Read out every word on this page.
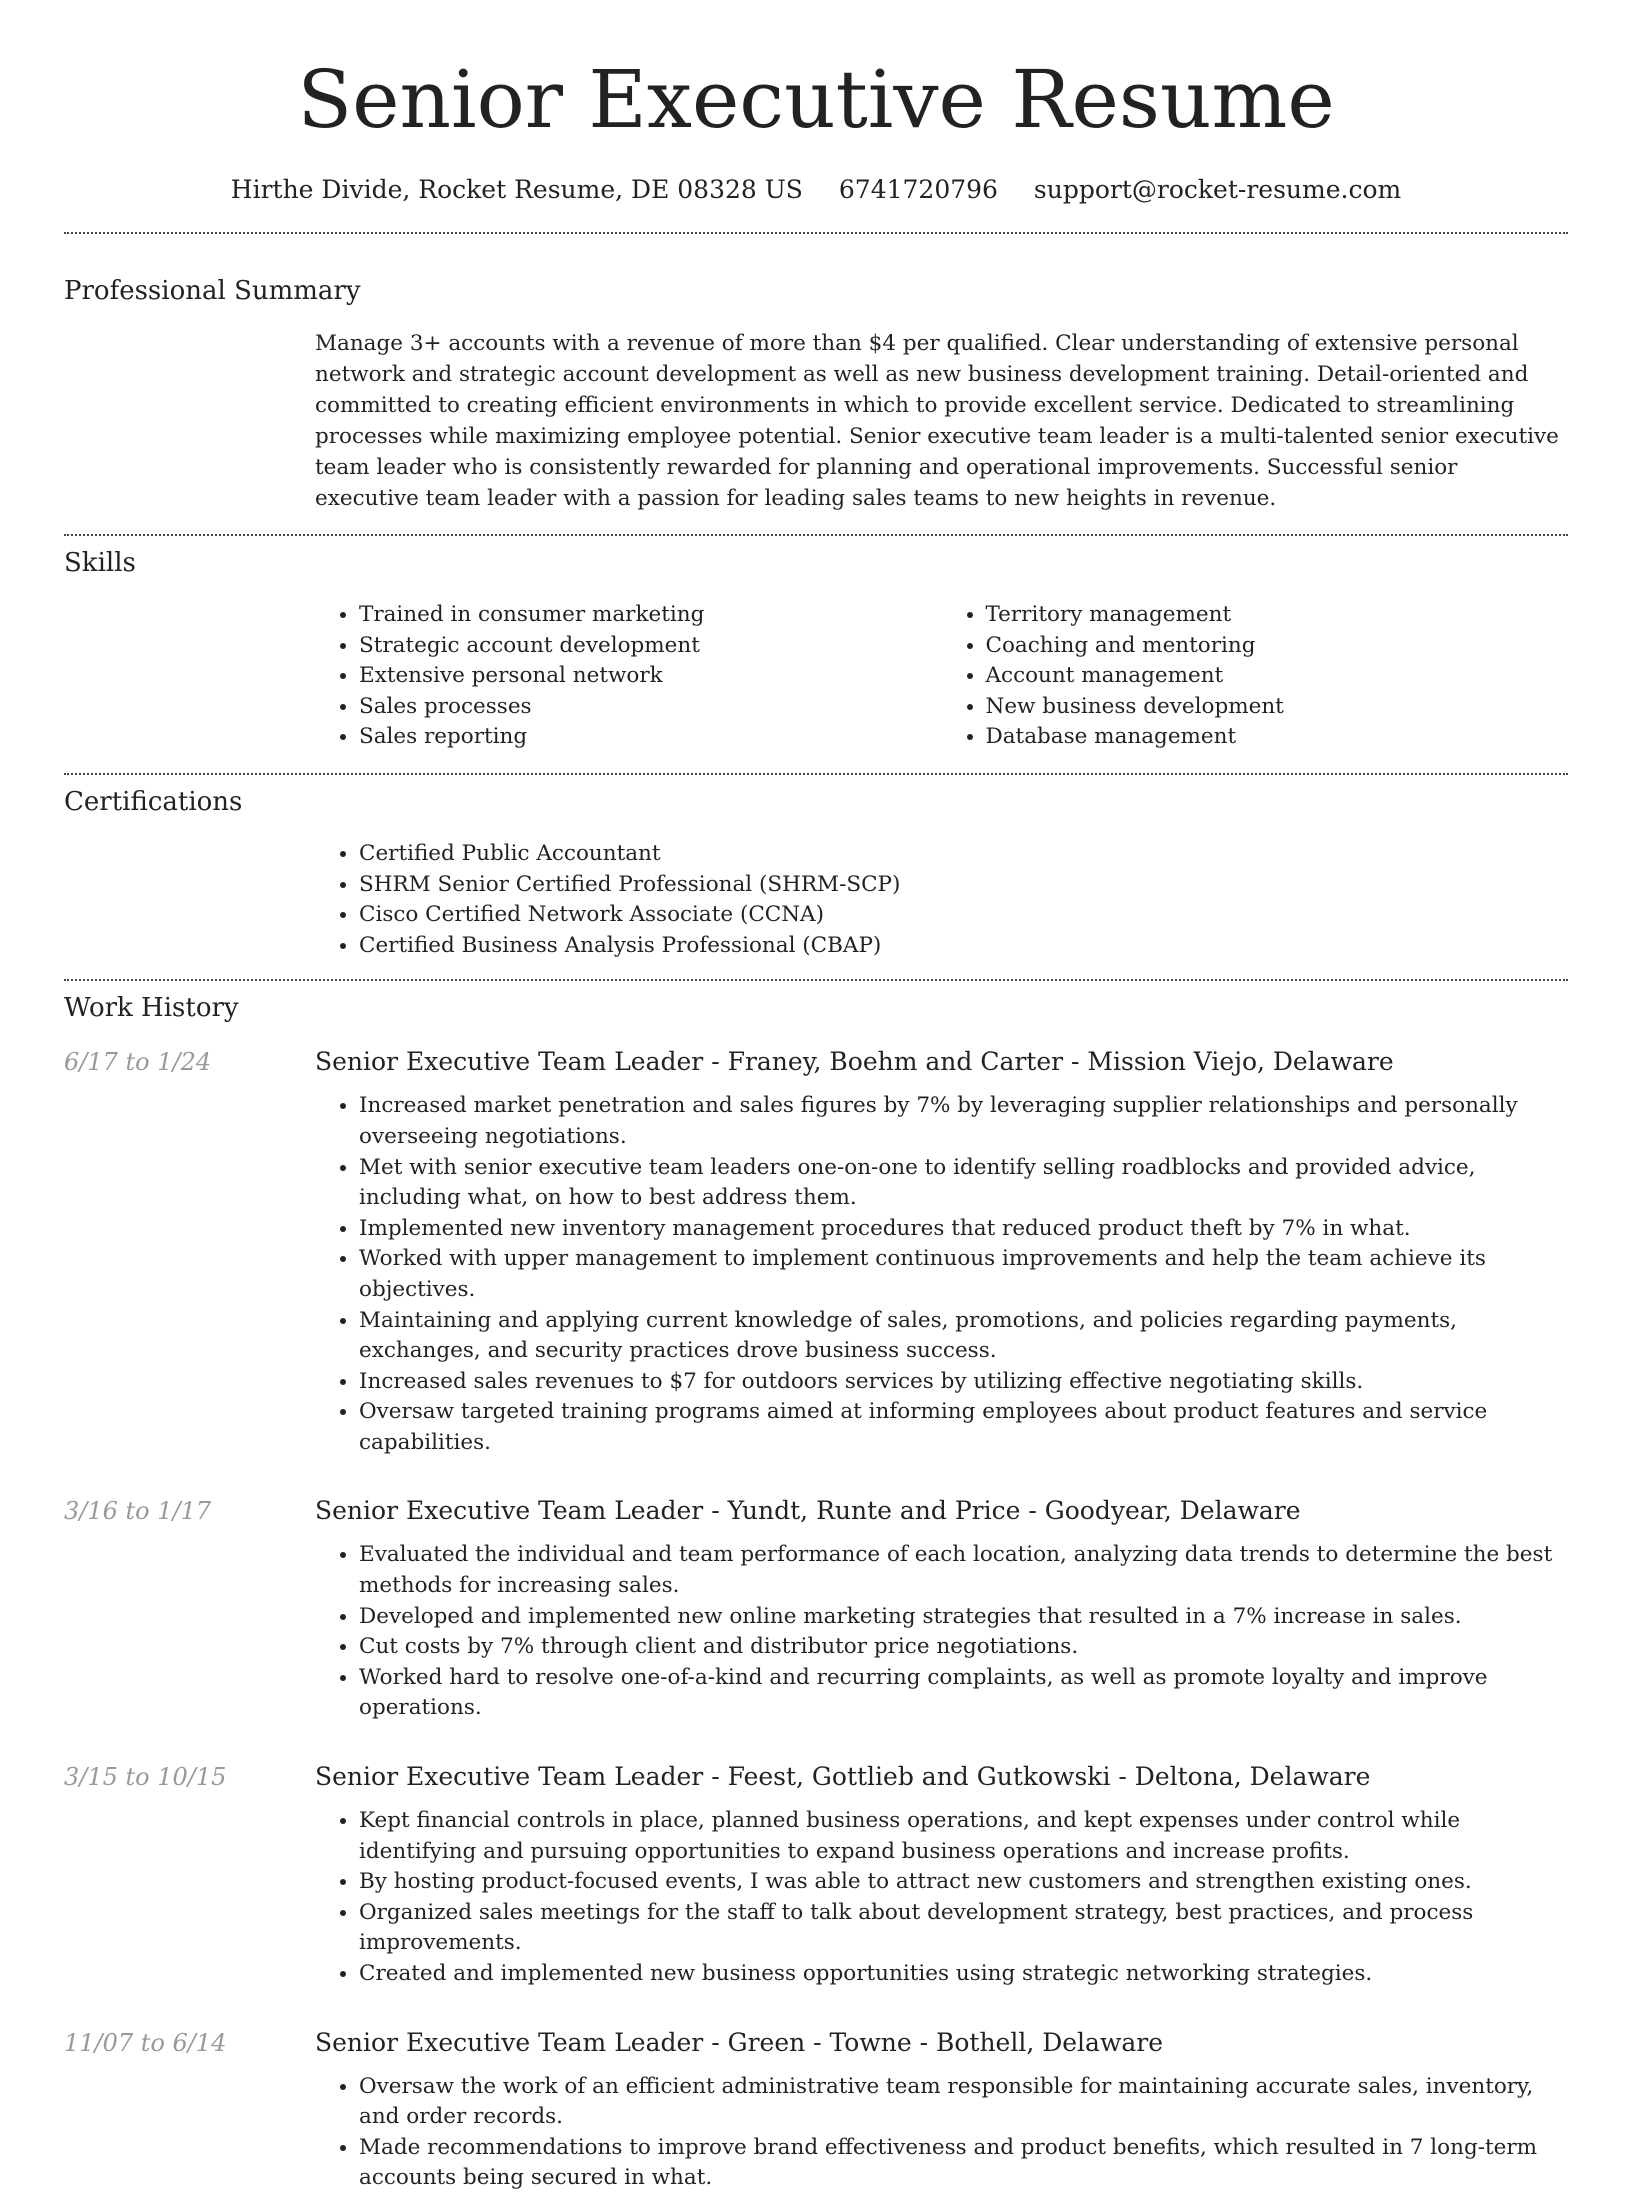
Senior Executive Resume
Hirthe Divide, Rocket Resume, DE 08328 US 6741720796 support@rocket-resume.com
Professional Summary

Manage 3+ accounts with a revenue of more than $4 per qualified. Clear understanding of extensive personal network and strategic account development as well as new business development training. Detail-oriented and committed to creating efficient environments in which to provide excellent service. Dedicated to streamlining processes while maximizing employee potential. Senior executive team leader is a multi-talented senior executive team leader who is consistently rewarded for planning and operational improvements. Successful senior executive team leader with a passion for leading sales teams to new heights in revenue.

Skills
• Trained in consumer marketing
• Strategic account development
• Extensive personal network
• Sales processes
• Sales reporting
• Territory management
• Coaching and mentoring
• Account management
• New business development
• Database management
Certifications
• Certified Public Accountant
• SHRM Senior Certified Professional (SHRM-SCP)
• Cisco Certified Network Associate (CCNA)
• Certified Business Analysis Professional (CBAP)
Work History
6/17 to 1/24	Senior Executive Team Leader - Franey, Boehm and Carter - Mission Viejo, Delaware
• Increased market penetration and sales figures by 7% by leveraging supplier relationships and personally overseeing negotiations.
• Met with senior executive team leaders one-on-one to identify selling roadblocks and provided advice, including what, on how to best address them.
• Implemented new inventory management procedures that reduced product theft by 7% in what.
• Worked with upper management to implement continuous improvements and help the team achieve its objectives.
• Maintaining and applying current knowledge of sales, promotions, and policies regarding payments, exchanges, and security practices drove business success.
• Increased sales revenues to $7 for outdoors services by utilizing effective negotiating skills.
• Oversaw targeted training programs aimed at informing employees about product features and service capabilities.
3/16 to 1/17	Senior Executive Team Leader - Yundt, Runte and Price - Goodyear, Delaware
• Evaluated the individual and team performance of each location, analyzing data trends to determine the best methods for increasing sales.
• Developed and implemented new online marketing strategies that resulted in a 7% increase in sales.
• Cut costs by 7% through client and distributor price negotiations.
• Worked hard to resolve one-of-a-kind and recurring complaints, as well as promote loyalty and improve operations.
3/15 to 10/15	Senior Executive Team Leader - Feest, Gottlieb and Gutkowski - Deltona, Delaware
• Kept financial controls in place, planned business operations, and kept expenses under control while identifying and pursuing opportunities to expand business operations and increase profits.
• By hosting product-focused events, I was able to attract new customers and strengthen existing ones.
• Organized sales meetings for the staff to talk about development strategy, best practices, and process improvements.
• Created and implemented new business opportunities using strategic networking strategies.
11/07 to 6/14	Senior Executive Team Leader - Green - Towne - Bothell, Delaware
• Oversaw the work of an efficient administrative team responsible for maintaining accurate sales, inventory, and order records.
• Made recommendations to improve brand effectiveness and product benefits, which resulted in 7 long-term accounts being secured in what.
